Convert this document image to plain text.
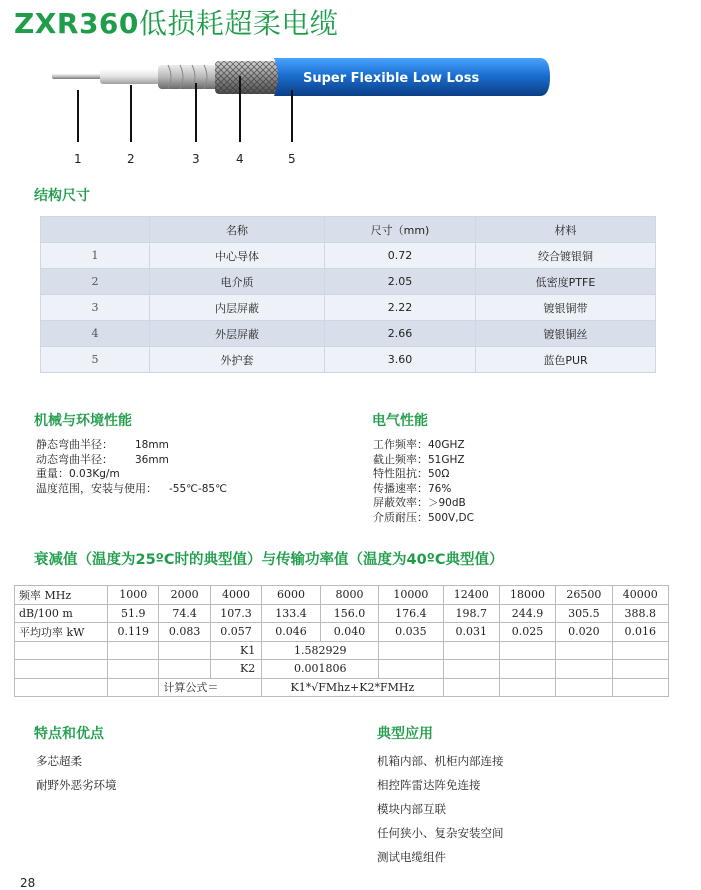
ZXR360低损耗超柔电缆
Super Flexible Low Loss
1	2	3	4	5
结构尺寸
	名称	尺寸（mm)	材料
1	中心导体	0.72	绞合镀银铜
2	电介质	2.05	低密度PTFE
3	内层屏蔽	2.22	镀银铜带
4	外层屏蔽	2.66	镀银铜丝
5	外护套	3.60	蓝色PUR
机械与环境性能
静态弯曲半径： 18mm
动态弯曲半径： 36mm
重量：0.03Kg/m
温度范围，安装与使用： -55℃-85℃
电气性能
工作频率：40GHZ
截止频率：51GHZ
特性阻抗：50Ω
传播速率：76%
屏蔽效率：＞90dB
介质耐压：500V,DC
衰减值（温度为25ºC时的典型值）与传输功率值（温度为40ºC典型值）
频率 MHz	1000	2000	4000	6000	8000	10000	12400	18000	26500	40000
dB/100 m	51.9	74.4	107.3	133.4	156.0	176.4	198.7	244.9	305.5	388.8
平均功率 kW	0.119	0.083	0.057	0.046	0.040	0.035	0.031	0.025	0.020	0.016
			K1	1.582929						
			K2	0.001806						
		计算公式＝		K1*√FMhz+K2*FMHz						
特点和优点
多芯超柔
耐野外恶劣环境
典型应用
机箱内部、机柜内部连接
相控阵雷达阵免连接
模块内部互联
任何狭小、复杂安装空间
测试电缆组件
28
